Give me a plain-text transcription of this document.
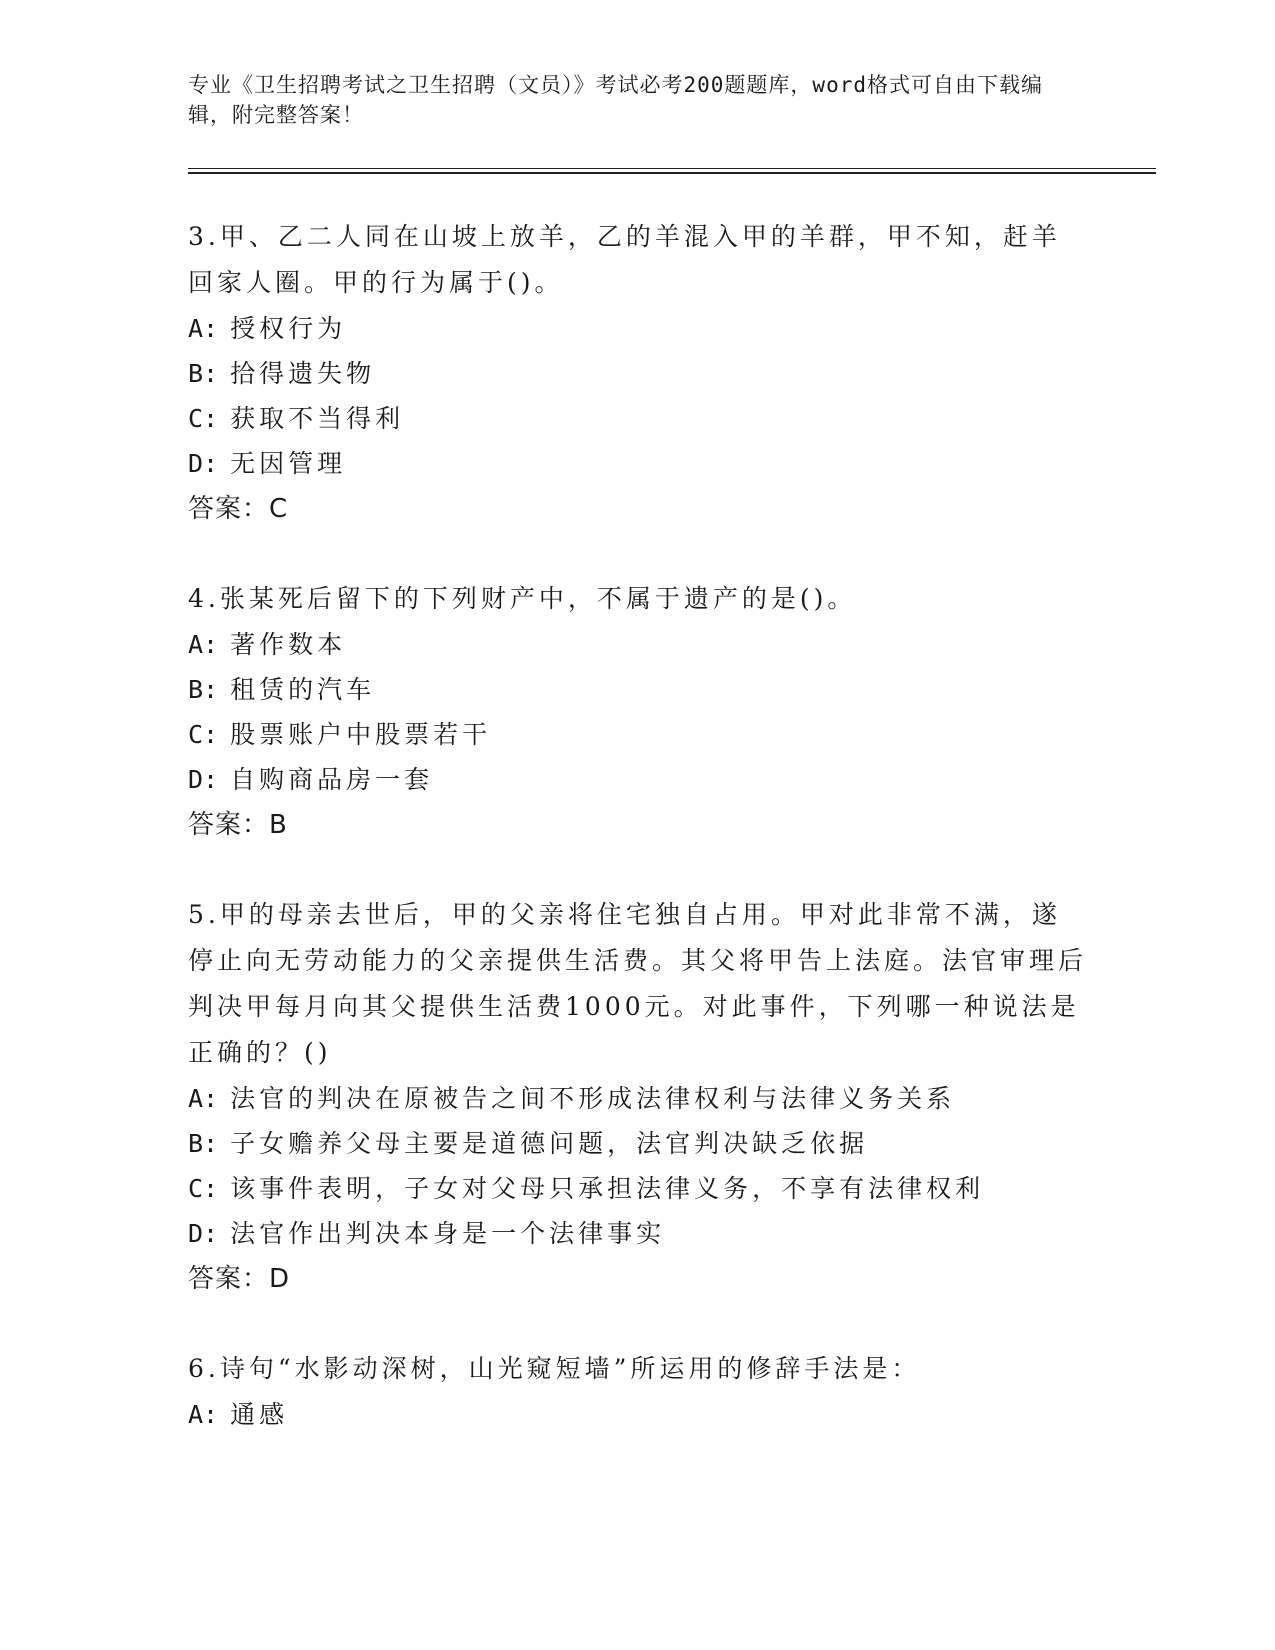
专业《卫生招聘考试之卫生招聘（文员）》考试必考200题题库，word格式可自由下载编辑，附完整答案！
3.甲、乙二人同在山坡上放羊，乙的羊混入甲的羊群，甲不知，赶羊回家人圈。甲的行为属于()。
A: 授权行为
B: 拾得遗失物
C: 获取不当得利
D: 无因管理
答案：C
4.张某死后留下的下列财产中，不属于遗产的是()。
A: 著作数本
B: 租赁的汽车
C: 股票账户中股票若干
D: 自购商品房一套
答案：B
5.甲的母亲去世后，甲的父亲将住宅独自占用。甲对此非常不满，遂停止向无劳动能力的父亲提供生活费。其父将甲告上法庭。法官审理后判决甲每月向其父提供生活费1000元。对此事件，下列哪一种说法是正确的？()
A: 法官的判决在原被告之间不形成法律权利与法律义务关系
B: 子女赡养父母主要是道德问题，法官判决缺乏依据
C: 该事件表明，子女对父母只承担法律义务，不享有法律权利
D: 法官作出判决本身是一个法律事实
答案：D
6.诗句“水影动深树，山光窥短墙”所运用的修辞手法是：
A: 通感
